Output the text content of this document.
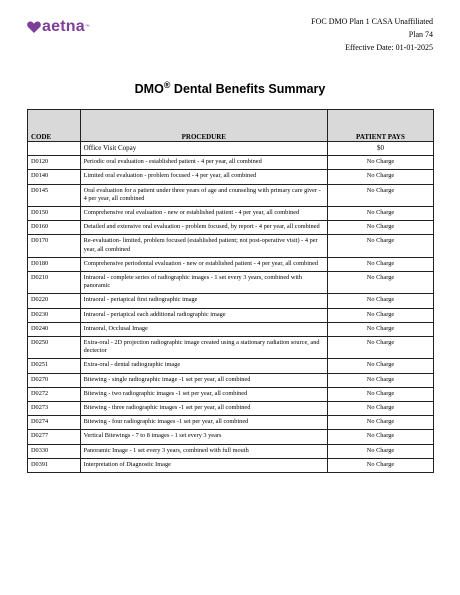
aetna ™
FOC DMO Plan 1 CASA Unaffiliated
Plan 74
Effective Date: 01-01-2025
DMO® Dental Benefits Summary
CODE	PROCEDURE	PATIENT PAYS
	Office Visit Copay	$0
D0120	Periodic oral evaluation - established patient - 4 per year, all combined	No Charge
D0140	Limited oral evaluation - problem focused - 4 per year, all combined	No Charge
D0145	Oral evaluation for a patient under three years of age and counseling with primary care giver - 4 per year, all combined	No Charge
D0150	Comprehensive oral evaluation - new or established patient - 4 per year, all combined	No Charge
D0160	Detailed and extensive oral evaluation - problem focused, by report - 4 per year, all combined	No Charge
D0170	Re-evaluation- limited, problem focused (established patient; not post-operative visit) - 4 per year, all combined	No Charge
D0180	Comprehensive periodontal evaluation - new or established patient - 4 per year, all combined	No Charge
D0210	Intraoral - complete series of radiographic images - 1 set every 3 years, combined with panoramic	No Charge
D0220	Intraoral - periapical first radiographic image	No Charge
D0230	Intraoral - periapical each additional radiographic image	No Charge
D0240	Intraoral, Occlusal Image	No Charge
D0250	Extra-oral - 2D projection radiographic image created using a stationary radiation source, and dectector	No Charge
D0251	Extra-oral - dental radiographic image	No Charge
D0270	Bitewing - single radiographic image -1 set per year, all combined	No Charge
D0272	Bitewing - two radiographic images -1 set per year, all combined	No Charge
D0273	Bitewing - three radiographic images -1 set per year, all combined	No Charge
D0274	Bitewing - four radiographic images -1 set per year, all combined	No Charge
D0277	Vertical Bitewings - 7 to 8 images - 1 set every 3 years	No Charge
D0330	Panoramic Image - 1 set every 3 years, combined with full mouth	No Charge
D0391	Interpretation of Diagnostic Image	No Charge
